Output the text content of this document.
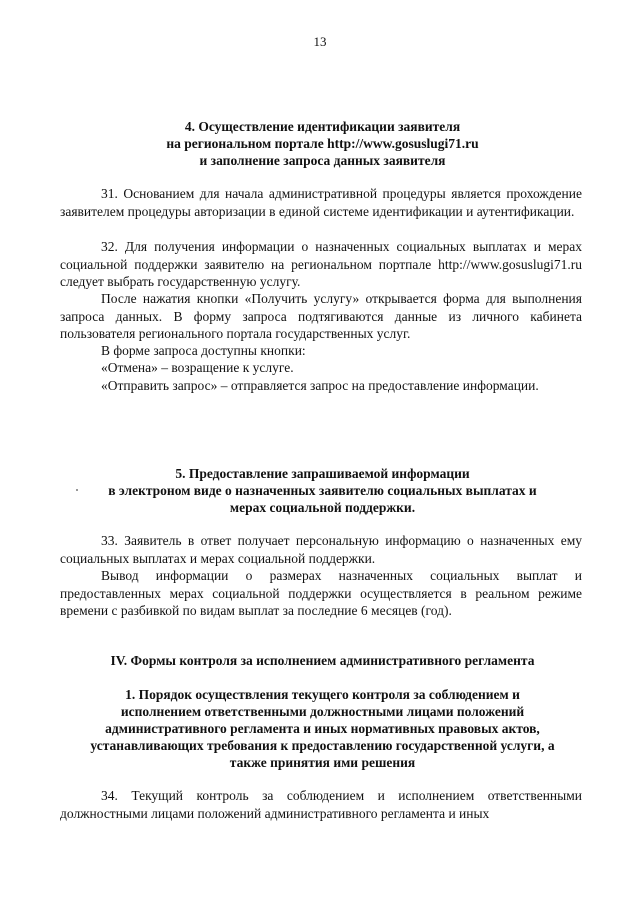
13
4. Осуществление идентификации заявителя
на региональном портале http://www.gosuslugi71.ru
и заполнение запроса данных заявителя

31. Основанием для начала административной процедуры является прохождение заявителем процедуры авторизации в единой системе идентификации и аутентификации.

32. Для получения информации о назначенных социальных выплатах и мерах социальной поддержки заявителю на региональном портпале http://www.gosuslugi71.ru следует выбрать государственную услугу.

После нажатия кнопки «Получить услугу» открывается форма для выполнения запроса данных. В форму запроса подтягиваются данные из личного кабинета пользователя регионального портала государственных услуг.

В форме запроса доступны кнопки:

«Отмена» – возращение к услуге.

«Отправить запрос» – отправляется запрос на предоставление информации.

5. Предоставление запрашиваемой информации
в электроном виде о назначенных заявителю социальных выплатах и
мерах социальной поддержки.

33. Заявитель в ответ получает персональную информацию о назначенных ему социальных выплатах и мерах социальной поддержки.

Вывод информации о размерах назначенных социальных выплат и предоставленных мерах социальной поддержки осуществляется в реальном режиме времени с разбивкой по видам выплат за последние 6 месяцев (год).

IV. Формы контроля за исполнением административного регламента
1. Порядок осуществления текущего контроля за соблюдением и
исполнением ответственными должностными лицами положений
административного регламента и иных нормативных правовых актов,
устанавливающих требования к предоставлению государственной услуги, а
также принятия ими решения

34. Текущий контроль за соблюдением и исполнением ответственными должностными лицами положений административного регламента и иных
